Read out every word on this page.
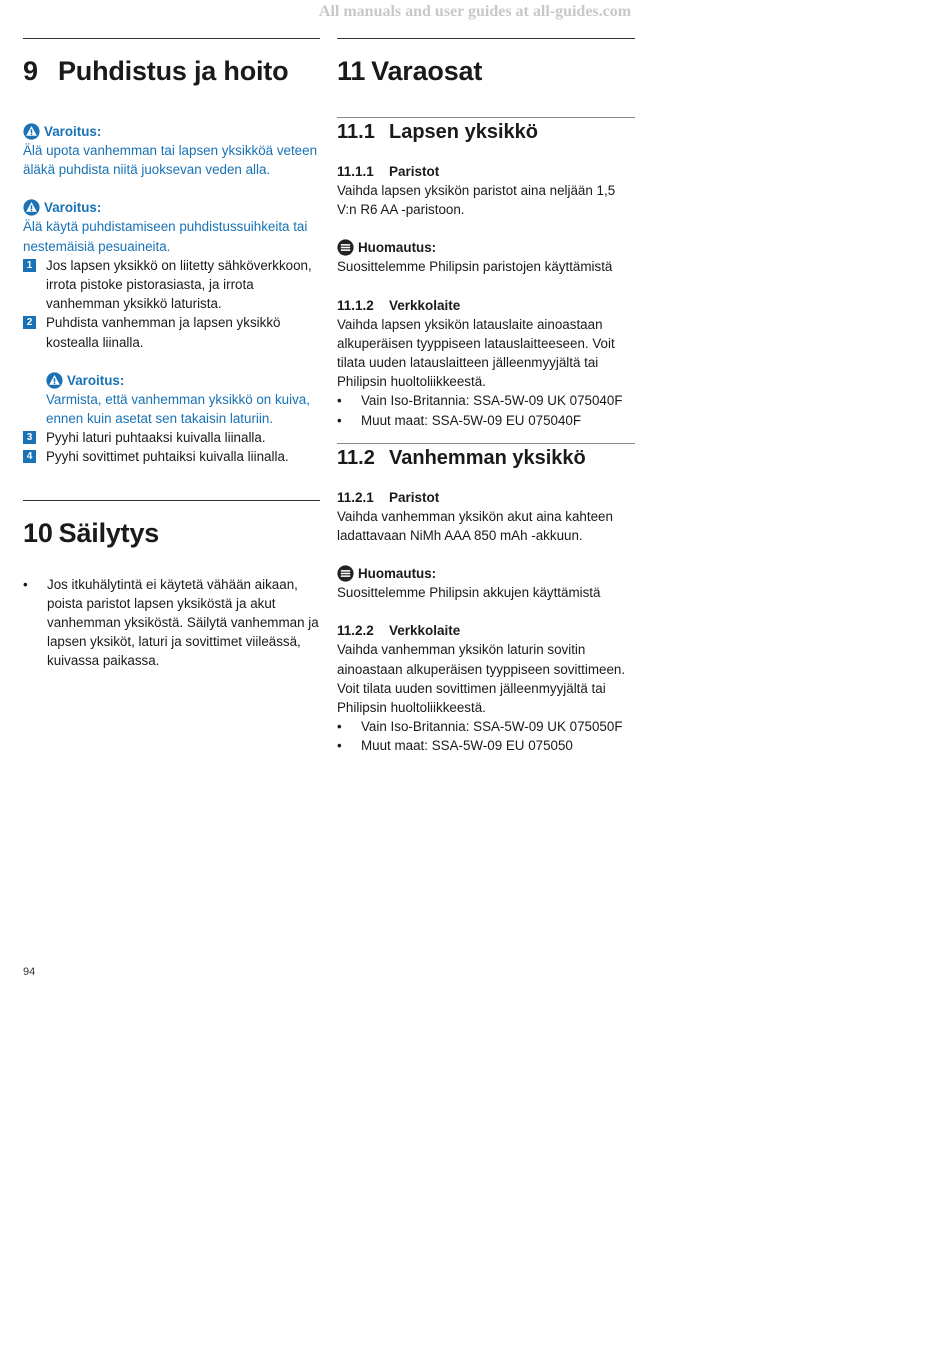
All manuals and user guides at all-guides.com
9 Puhdistus ja hoito
Varoitus:

Älä upota vanhemman tai lapsen yksikköä veteen äläkä puhdista niitä juoksevan veden alla.

Varoitus:

Älä käytä puhdistamiseen puhdistussuihkeita tai nestemäisiä pesuaineita.

1 Jos lapsen yksikkö on liitetty sähköverkkoon, irrota pistoke pistorasiasta, ja irrota vanhemman yksikkö laturista.
2 Puhdista vanhemman ja lapsen yksikkö kostealla liinalla.
Varoitus:

Varmista, että vanhemman yksikkö on kuiva, ennen kuin asetat sen takaisin laturiin.

3 Pyyhi laturi puhtaaksi kuivalla liinalla.
4 Pyyhi sovittimet puhtaiksi kuivalla liinalla.
10 Säilytys
• Jos itkuhälytintä ei käytetä vähään aikaan, poista paristot lapsen yksiköstä ja akut vanhemman yksiköstä. Säilytä vanhemman ja lapsen yksiköt, laturi ja sovittimet viileässä, kuivassa paikassa.
11 Varaosat
11.1 Lapsen yksikkö
11.1.1 Paristot

Vaihda lapsen yksikön paristot aina neljään 1,5 V:n R6 AA -paristoon.

Huomautus:

Suosittelemme Philipsin paristojen käyttämistä

11.1.2 Verkkolaite

Vaihda lapsen yksikön latauslaite ainoastaan alkuperäisen tyyppiseen latauslaitteeseen. Voit tilata uuden latauslaitteen jälleenmyyjältä tai Philipsin huoltoliikkeestä.

• Vain Iso-Britannia: SSA-5W-09 UK 075040F
• Muut maat: SSA-5W-09 EU 075040F
11.2 Vanhemman yksikkö
11.2.1 Paristot

Vaihda vanhemman yksikön akut aina kahteen ladattavaan NiMh AAA 850 mAh -akkuun.

Huomautus:

Suosittelemme Philipsin akkujen käyttämistä

11.2.2 Verkkolaite

Vaihda vanhemman yksikön laturin sovitin ainoastaan alkuperäisen tyyppiseen sovittimeen. Voit tilata uuden sovittimen jälleenmyyjältä tai Philipsin huoltoliikkeestä.

• Vain Iso-Britannia: SSA-5W-09 UK 075050F
• Muut maat: SSA-5W-09 EU 075050
94
